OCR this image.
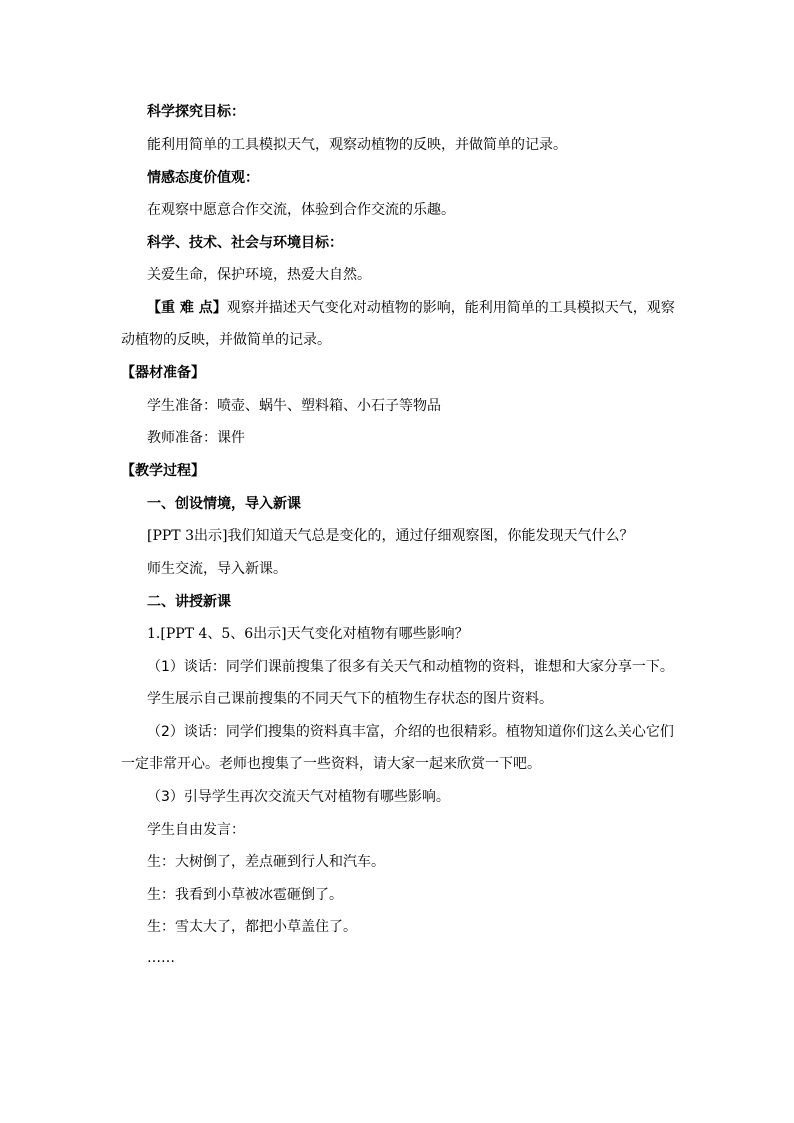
科学探究目标：
能利用简单的工具模拟天气，观察动植物的反映，并做简单的记录。
情感态度价值观：
在观察中愿意合作交流，体验到合作交流的乐趣。
科学、技术、社会与环境目标：
关爱生命，保护环境，热爱大自然。
【重 难 点】观察并描述天气变化对动植物的影响，能利用简单的工具模拟天气，观察
动植物的反映，并做简单的记录。
【器材准备】
学生准备：喷壶、蜗牛、塑料箱、小石子等物品
教师准备：课件
【教学过程】
一、创设情境，导入新课
[PPT 3出示]我们知道天气总是变化的，通过仔细观察图，你能发现天气什么？
师生交流，导入新课。
二、讲授新课
1.[PPT 4、5、6出示]天气变化对植物有哪些影响？
（1）谈话：同学们课前搜集了很多有关天气和动植物的资料，谁想和大家分享一下。
学生展示自己课前搜集的不同天气下的植物生存状态的图片资料。
（2）谈话：同学们搜集的资料真丰富，介绍的也很精彩。植物知道你们这么关心它们
一定非常开心。老师也搜集了一些资料，请大家一起来欣赏一下吧。
（3）引导学生再次交流天气对植物有哪些影响。
学生自由发言：
生：大树倒了，差点砸到行人和汽车。
生：我看到小草被冰雹砸倒了。
生：雪太大了，都把小草盖住了。
……
